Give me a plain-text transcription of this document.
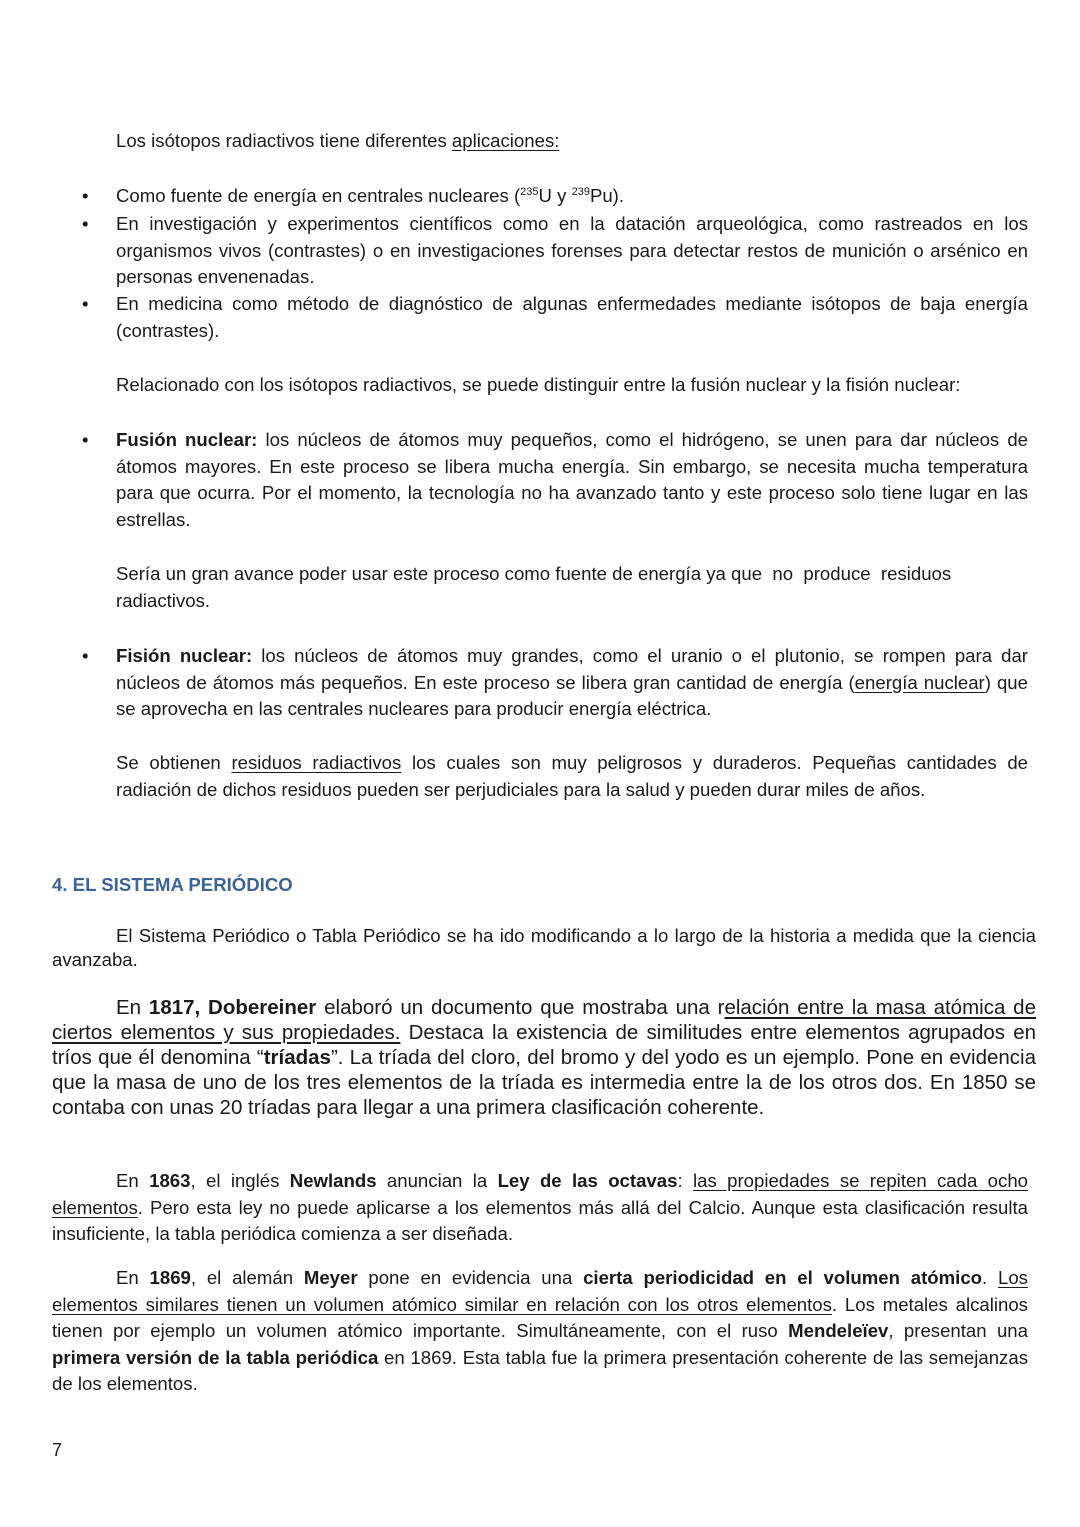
Los isótopos radiactivos tiene diferentes aplicaciones:

• Como fuente de energía en centrales nucleares ($^{235}$U y $^{239}$Pu).

• En investigación y experimentos científicos como en la datación arqueológica, como rastreados en los organismos vivos (contrastes) o en investigaciones forenses para detectar restos de munición o arsénico en personas envenenadas.

• En medicina como método de diagnóstico de algunas enfermedades mediante isótopos de baja energía (contrastes).

Relacionado con los isótopos radiactivos, se puede distinguir entre la fusión nuclear y la fisión nuclear:

• Fusión nuclear: los núcleos de átomos muy pequeños, como el hidrógeno, se unen para dar núcleos de átomos mayores. En este proceso se libera mucha energía. Sin embargo, se necesita mucha temperatura para que ocurra. Por el momento, la tecnología no ha avanzado tanto y este proceso solo tiene lugar en las estrellas.

Sería un gran avance poder usar este proceso como fuente de energía ya que  no  produce  residuos radiactivos.

• Fisión nuclear: los núcleos de átomos muy grandes, como el uranio o el plutonio, se rompen para dar núcleos de átomos más pequeños. En este proceso se libera gran cantidad de energía (energía nuclear) que se aprovecha en las centrales nucleares para producir energía eléctrica.

Se obtienen residuos radiactivos los cuales son muy peligrosos y duraderos. Pequeñas cantidades de radiación de dichos residuos pueden ser perjudiciales para la salud y pueden durar miles de años.

4. EL SISTEMA PERIÓDICO

El Sistema Periódico o Tabla Periódico se ha ido modificando a lo largo de la historia a medida que la ciencia avanzaba.

En 1817, Dobereiner elaboró un documento que mostraba una relación entre la masa atómica de ciertos elementos y sus propiedades. Destaca la existencia de similitudes entre elementos agrupados en tríos que él denomina “tríadas”. La tríada del cloro, del bromo y del yodo es un ejemplo. Pone en evidencia que la masa de uno de los tres elementos de la tríada es intermedia entre la de los otros dos. En 1850 se contaba con unas 20 tríadas para llegar a una primera clasificación coherente.

En 1863, el inglés Newlands anuncian la Ley de las octavas: las propiedades se repiten cada ocho elementos. Pero esta ley no puede aplicarse a los elementos más allá del Calcio. Aunque esta clasificación resulta insuficiente, la tabla periódica comienza a ser diseñada.

En 1869, el alemán Meyer pone en evidencia una cierta periodicidad en el volumen atómico. Los elementos similares tienen un volumen atómico similar en relación con los otros elementos. Los metales alcalinos tienen por ejemplo un volumen atómico importante. Simultáneamente, con el ruso Mendeleïev, presentan una primera versión de la tabla periódica en 1869. Esta tabla fue la primera presentación coherente de las semejanzas de los elementos.

7
